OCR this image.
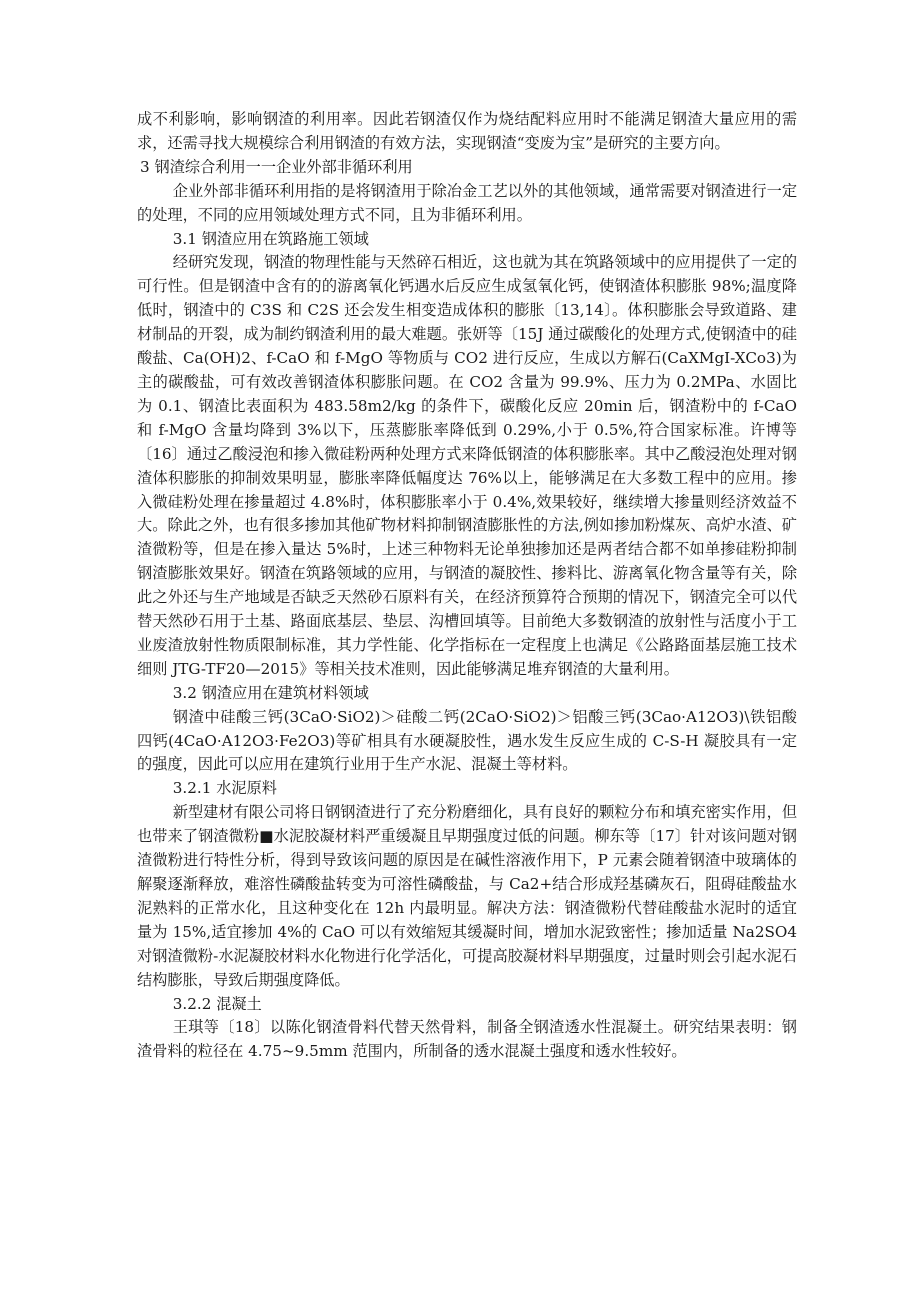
成不利影响，影响钢渣的利用率。因此若钢渣仅作为烧结配料应用时不能满足钢渣大量应用的需求，还需寻找大规模综合利用钢渣的有效方法，实现钢渣“变废为宝”是研究的主要方向。

3 钢渣综合利用一一企业外部非循环利用

企业外部非循环利用指的是将钢渣用于除冶金工艺以外的其他领域，通常需要对钢渣进行一定的处理，不同的应用领域处理方式不同，且为非循环利用。

3.1 钢渣应用在筑路施工领域

经研究发现，钢渣的物理性能与天然碎石相近，这也就为其在筑路领域中的应用提供了一定的可行性。但是钢渣中含有的的游离氧化钙遇水后反应生成氢氧化钙，使钢渣体积膨胀 98%;温度降低时，钢渣中的 C3S 和 C2S 还会发生相变造成体积的膨胀〔13,14〕。体积膨胀会导致道路、建材制品的开裂，成为制约钢渣利用的最大难题。张妍等〔15J 通过碳酸化的处理方式,使钢渣中的硅酸盐、Ca(OH)2、f-CaO 和 f-MgO 等物质与 CO2 进行反应，生成以方解石(CaXMgI-XCo3)为主的碳酸盐，可有效改善钢渣体积膨胀问题。在 CO2 含量为 99.9%、压力为 0.2MPa、水固比为 0.1、钢渣比表面积为 483.58m2/kg 的条件下，碳酸化反应 20min 后，钢渣粉中的 f-CaO 和 f-MgO 含量均降到 3%以下，压蒸膨胀率降低到 0.29%,小于 0.5%,符合国家标准。许博等〔16〕通过乙酸浸泡和掺入微硅粉两种处理方式来降低钢渣的体积膨胀率。其中乙酸浸泡处理对钢渣体积膨胀的抑制效果明显，膨胀率降低幅度达 76%以上，能够满足在大多数工程中的应用。掺入微硅粉处理在掺量超过 4.8%时，体积膨胀率小于 0.4%,效果较好，继续增大掺量则经济效益不大。除此之外，也有很多掺加其他矿物材料抑制钢渣膨胀性的方法,例如掺加粉煤灰、高炉水渣、矿渣微粉等，但是在掺入量达 5%时，上述三种物料无论单独掺加还是两者结合都不如单掺硅粉抑制钢渣膨胀效果好。钢渣在筑路领域的应用，与钢渣的凝胶性、掺料比、游离氧化物含量等有关，除此之外还与生产地域是否缺乏天然砂石原料有关，在经济预算符合预期的情况下，钢渣完全可以代替天然砂石用于土基、路面底基层、垫层、沟槽回填等。目前绝大多数钢渣的放射性与活度小于工业废渣放射性物质限制标准，其力学性能、化学指标在一定程度上也满足《公路路面基层施工技术细则 JTG-TF20—2015》等相关技术准则，因此能够满足堆弃钢渣的大量利用。

3.2 钢渣应用在建筑材料领域

钢渣中硅酸三钙(3CaO·SiO2)＞硅酸二钙(2CaO·SiO2)＞铝酸三钙(3Cao·A12O3)\铁铝酸四钙(4CaO·A12O3·Fe2O3)等矿相具有水硬凝胶性，遇水发生反应生成的 C-S-H 凝胶具有一定的强度，因此可以应用在建筑行业用于生产水泥、混凝土等材料。

3.2.1 水泥原料

新型建材有限公司将日钢钢渣进行了充分粉磨细化，具有良好的颗粒分布和填充密实作用，但也带来了钢渣微粉■水泥胶凝材料严重缓凝且早期强度过低的问题。柳东等〔17〕针对该问题对钢渣微粉进行特性分析，得到导致该问题的原因是在碱性溶液作用下，P 元素会随着钢渣中玻璃体的解聚逐渐释放，难溶性磷酸盐转变为可溶性磷酸盐，与 Ca2+结合形成羟基磷灰石，阻碍硅酸盐水泥熟料的正常水化，且这种变化在 12h 内最明显。解决方法：钢渣微粉代替硅酸盐水泥时的适宜量为 15%,适宜掺加 4%的 CaO 可以有效缩短其缓凝时间，增加水泥致密性；掺加适量 Na2SO4 对钢渣微粉-水泥凝胶材料水化物进行化学活化，可提高胶凝材料早期强度，过量时则会引起水泥石结构膨胀，导致后期强度降低。

3.2.2 混凝土

王琪等〔18〕以陈化钢渣骨料代替天然骨料，制备全钢渣透水性混凝土。研究结果表明：钢渣骨料的粒径在 4.75~9.5mm 范围内，所制备的透水混凝土强度和透水性较好。
